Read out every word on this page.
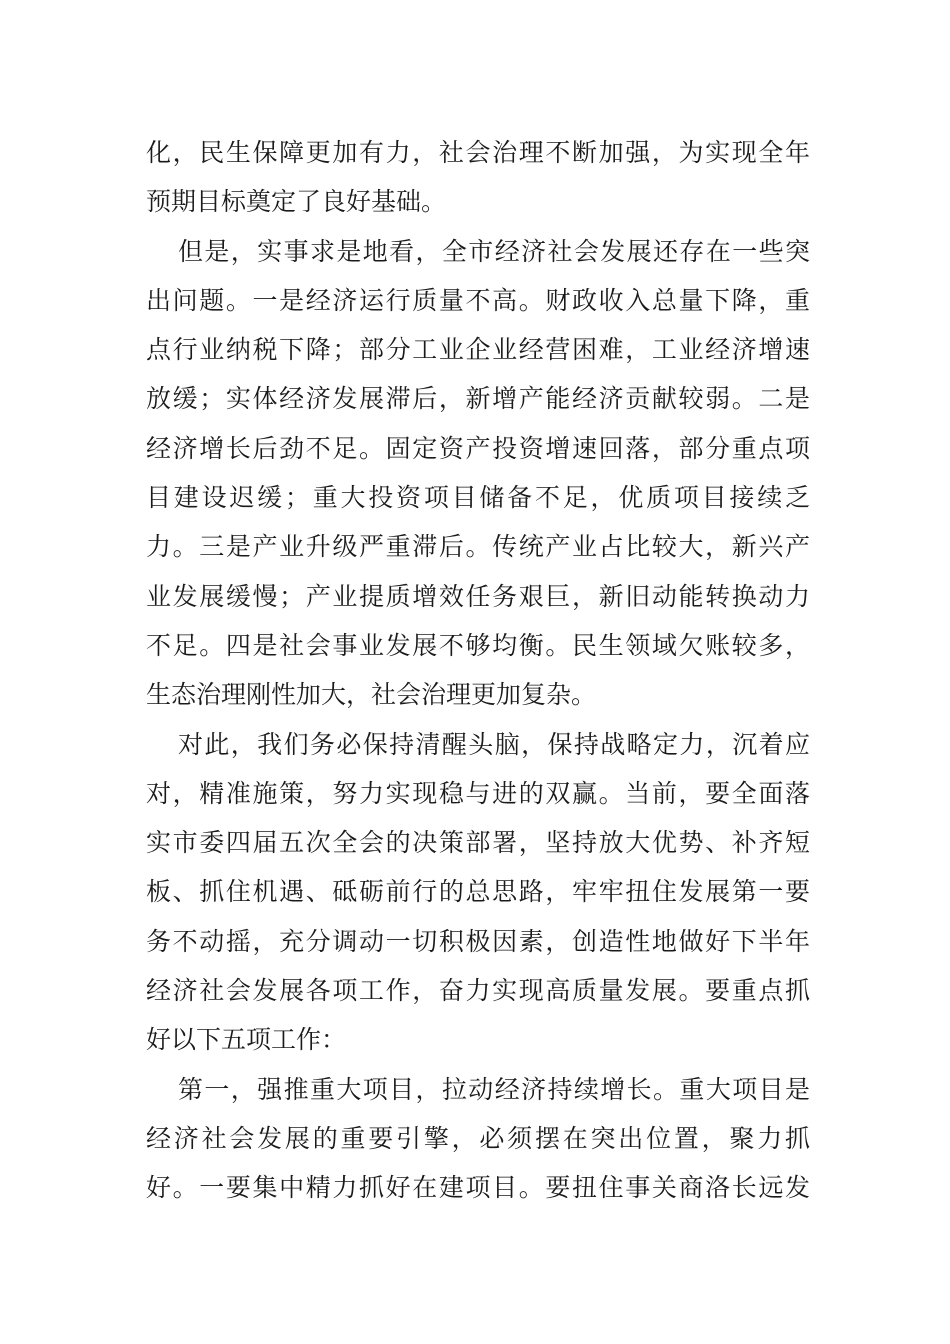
化，民生保障更加有力，社会治理不断加强，为实现全年
预期目标奠定了良好基础。
但是，实事求是地看，全市经济社会发展还存在一些突
出问题。一是经济运行质量不高。财政收入总量下降，重
点行业纳税下降；部分工业企业经营困难，工业经济增速
放缓；实体经济发展滞后，新增产能经济贡献较弱。二是
经济增长后劲不足。固定资产投资增速回落，部分重点项
目建设迟缓；重大投资项目储备不足，优质项目接续乏
力。三是产业升级严重滞后。传统产业占比较大，新兴产
业发展缓慢；产业提质增效任务艰巨，新旧动能转换动力
不足。四是社会事业发展不够均衡。民生领域欠账较多，
生态治理刚性加大，社会治理更加复杂。
对此，我们务必保持清醒头脑，保持战略定力，沉着应
对，精准施策，努力实现稳与进的双赢。当前，要全面落
实市委四届五次全会的决策部署，坚持放大优势、补齐短
板、抓住机遇、砥砺前行的总思路，牢牢扭住发展第一要
务不动摇，充分调动一切积极因素，创造性地做好下半年
经济社会发展各项工作，奋力实现高质量发展。要重点抓
好以下五项工作：
第一，强推重大项目，拉动经济持续增长。重大项目是
经济社会发展的重要引擎，必须摆在突出位置，聚力抓
好。一要集中精力抓好在建项目。要扭住事关商洛长远发
